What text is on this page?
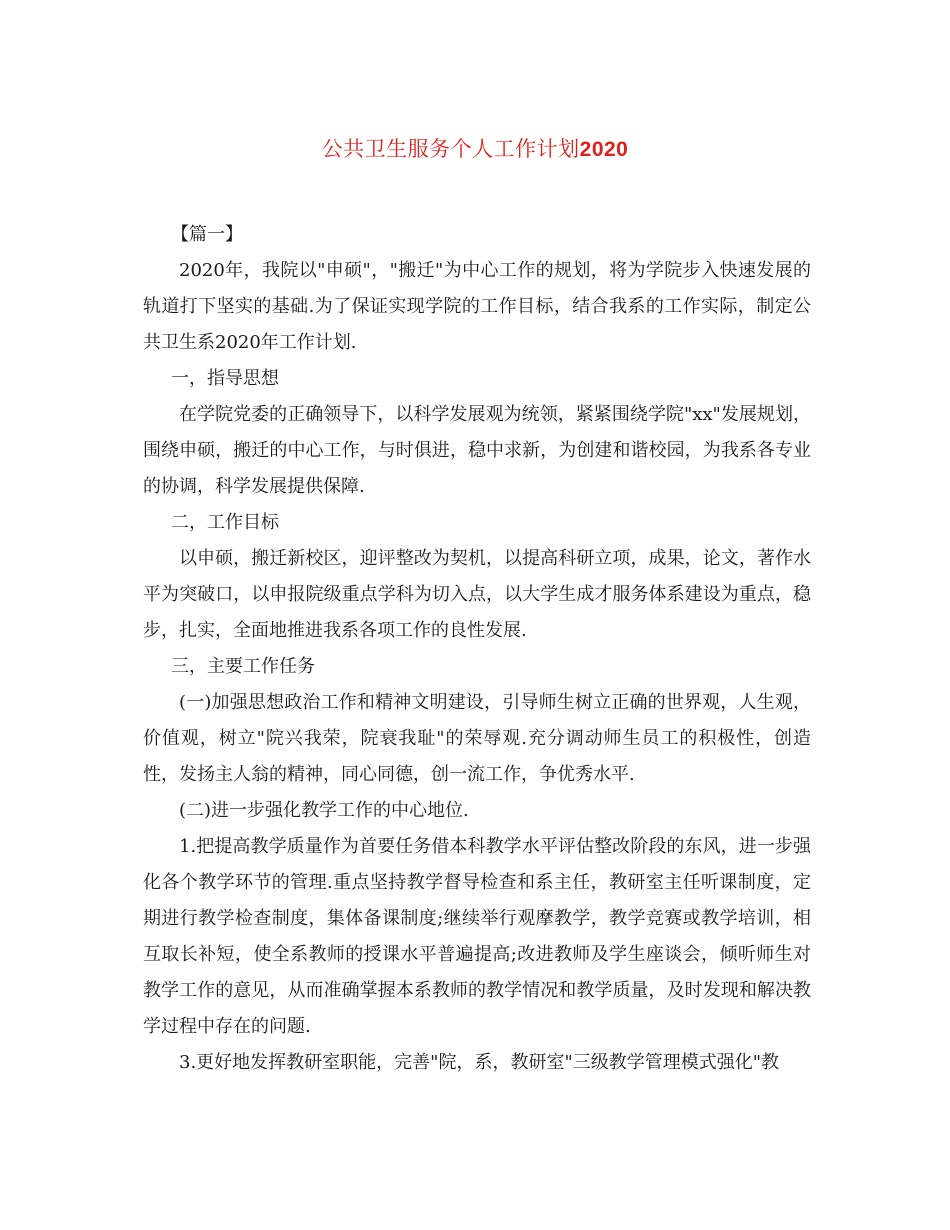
公共卫生服务个人工作计划2020

【篇一】

2020年，我院以"申硕"，"搬迁"为中心工作的规划，将为学院步入快速发展的轨道打下坚实的基础.为了保证实现学院的工作目标，结合我系的工作实际，制定公共卫生系2020年工作计划.

一，指导思想

在学院党委的正确领导下，以科学发展观为统领，紧紧围绕学院"xx"发展规划，围绕申硕，搬迁的中心工作，与时俱进，稳中求新，为创建和谐校园，为我系各专业的协调，科学发展提供保障.

二，工作目标

以申硕，搬迁新校区，迎评整改为契机，以提高科研立项，成果，论文，著作水平为突破口，以申报院级重点学科为切入点，以大学生成才服务体系建设为重点，稳步，扎实，全面地推进我系各项工作的良性发展.

三，主要工作任务

(一)加强思想政治工作和精神文明建设，引导师生树立正确的世界观，人生观，价值观，树立"院兴我荣，院衰我耻"的荣辱观.充分调动师生员工的积极性，创造性，发扬主人翁的精神，同心同德，创一流工作，争优秀水平.

(二)进一步强化教学工作的中心地位.

1.把提高教学质量作为首要任务借本科教学水平评估整改阶段的东风，进一步强化各个教学环节的管理.重点坚持教学督导检查和系主任，教研室主任听课制度，定期进行教学检查制度，集体备课制度;继续举行观摩教学，教学竞赛或教学培训，相互取长补短，使全系教师的授课水平普遍提高;改进教师及学生座谈会，倾听师生对教学工作的意见，从而准确掌握本系教师的教学情况和教学质量，及时发现和解决教学过程中存在的问题.

3.更好地发挥教研室职能，完善"院，系，教研室"三级教学管理模式强化"教
